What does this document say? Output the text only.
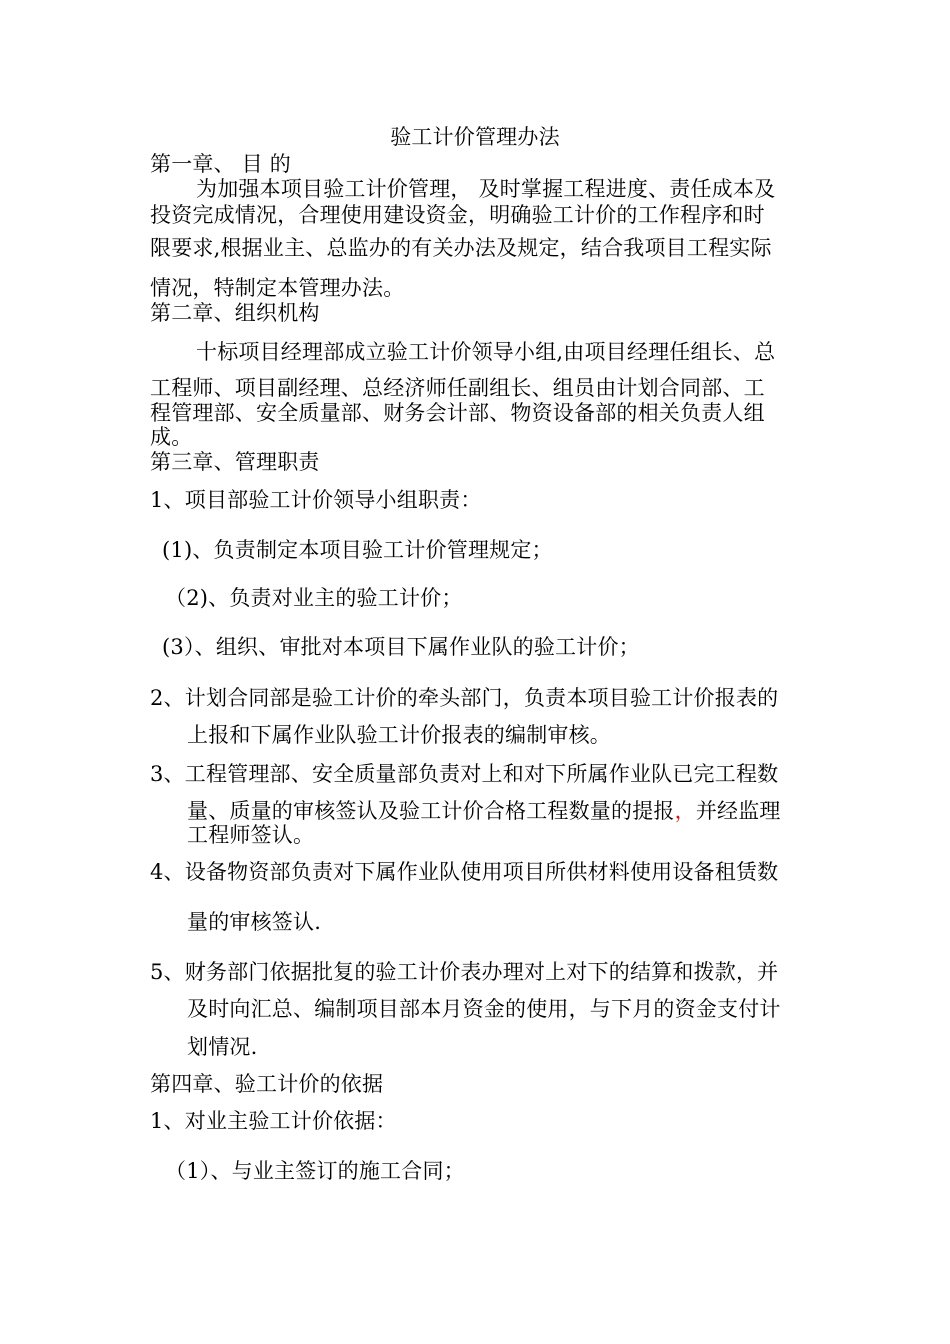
验工计价管理办法
第一章、 目 的
为加强本项目验工计价管理， 及时掌握工程进度、责任成本及
投资完成情况，合理使用建设资金，明确验工计价的工作程序和时
限要求,根据业主、总监办的有关办法及规定，结合我项目工程实际
情况，特制定本管理办法。
第二章、组织机构
十标项目经理部成立验工计价领导小组,由项目经理任组长、总
工程师、项目副经理、总经济师任副组长、组员由计划合同部、工
程管理部、安全质量部、财务会计部、物资设备部的相关负责人组
成。
第三章、管理职责
1、项目部验工计价领导小组职责：
(1)、负责制定本项目验工计价管理规定；
（2)、负责对业主的验工计价；
(3）、组织、审批对本项目下属作业队的验工计价；
2、计划合同部是验工计价的牵头部门，负责本项目验工计价报表的
上报和下属作业队验工计价报表的编制审核。
3、工程管理部、安全质量部负责对上和对下所属作业队已完工程数
量、质量的审核签认及验工计价合格工程数量的提报，并经监理
工程师签认。
4、设备物资部负责对下属作业队使用项目所供材料使用设备租赁数
量的审核签认.
5、财务部门依据批复的验工计价表办理对上对下的结算和拨款，并
及时向汇总、编制项目部本月资金的使用，与下月的资金支付计
划情况.
第四章、验工计价的依据
1、对业主验工计价依据：
（1）、与业主签订的施工合同；
